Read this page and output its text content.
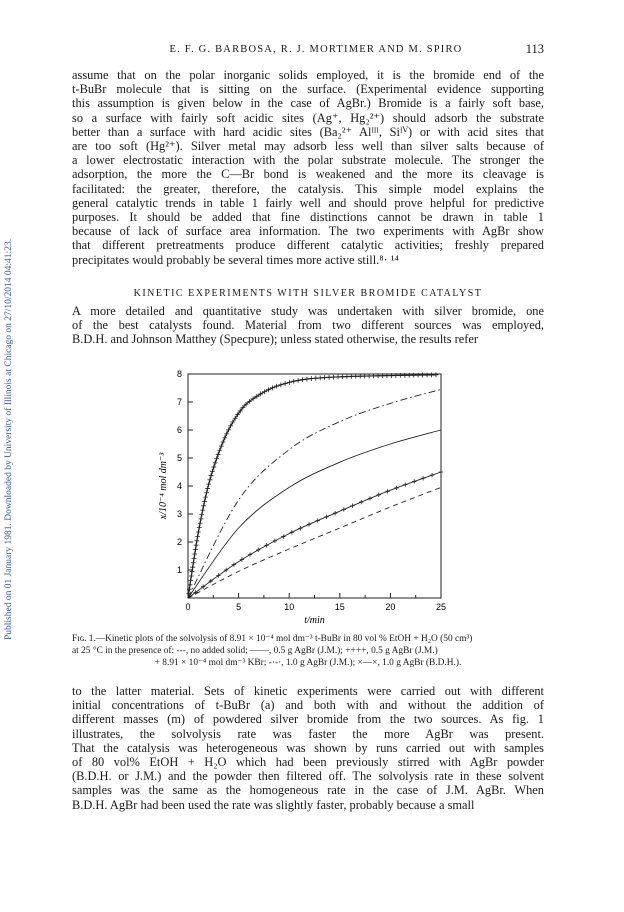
Published on 01 January 1981. Downloaded by University of Illinois at Chicago on 27/10/2014 04:41:23.
E. F. G. BARBOSA, R. J. MORTIMER AND M. SPIRO	113
assume that on the polar inorganic solids employed, it is the bromide end of the
t-BuBr molecule that is sitting on the surface. (Experimental evidence supporting
this assumption is given below in the case of AgBr.) Bromide is a fairly soft base,
so a surface with fairly soft acidic sites (Ag⁺, Hg₂²⁺) should adsorb the substrate
better than a surface with hard acidic sites (Ba₂²⁺ Alᴵᴵᴵ, Siᴵⱽ) or with acid sites that
are too soft (Hg²⁺). Silver metal may adsorb less well than silver salts because of
a lower electrostatic interaction with the polar substrate molecule. The stronger the
adsorption, the more the C—Br bond is weakened and the more its cleavage is
facilitated: the greater, therefore, the catalysis. This simple model explains the
general catalytic trends in table 1 fairly well and should prove helpful for predictive
purposes. It should be added that fine distinctions cannot be drawn in table 1
because of lack of surface area information. The two experiments with AgBr show
that different pretreatments produce different catalytic activities; freshly prepared
precipitates would probably be several times more active still.⁸· ¹⁴
KINETIC EXPERIMENTS WITH SILVER BROMIDE CATALYST
A more detailed and quantitative study was undertaken with silver bromide, one
of the best catalysts found. Material from two different sources was employed,
B.D.H. and Johnson Matthey (Specpure); unless stated otherwise, the results refer
0	5	10	15	20	25
1
2
3
4
5
6
7
8
t/min
x/10⁻⁴ mol dm⁻³
Fɪɢ. 1.—Kinetic plots of the solvolysis of 8.91 × 10⁻⁴ mol dm⁻³ t-BuBr in 80 vol % EtOH + H₂O (50 cm³)
at 25 °C in the presence of: ---, no added solid; ——, 0.5 g AgBr (J.M.); ++++, 0.5 g AgBr (J.M.)
+ 8.91 × 10⁻⁴ mol dm⁻³ KBr; -·-·, 1.0 g AgBr (J.M.); ×—×, 1.0 g AgBr (B.D.H.).
to the latter material. Sets of kinetic experiments were carried out with different
initial concentrations of t-BuBr (a) and both with and without the addition of
different masses (m) of powdered silver bromide from the two sources. As fig. 1
illustrates, the solvolysis rate was faster the more AgBr was present.
That the catalysis was heterogeneous was shown by runs carried out with samples
of 80 vol% EtOH + H₂O which had been previously stirred with AgBr powder
(B.D.H. or J.M.) and the powder then filtered off. The solvolysis rate in these solvent
samples was the same as the homogeneous rate in the case of J.M. AgBr. When
B.D.H. AgBr had been used the rate was slightly faster, probably because a small
